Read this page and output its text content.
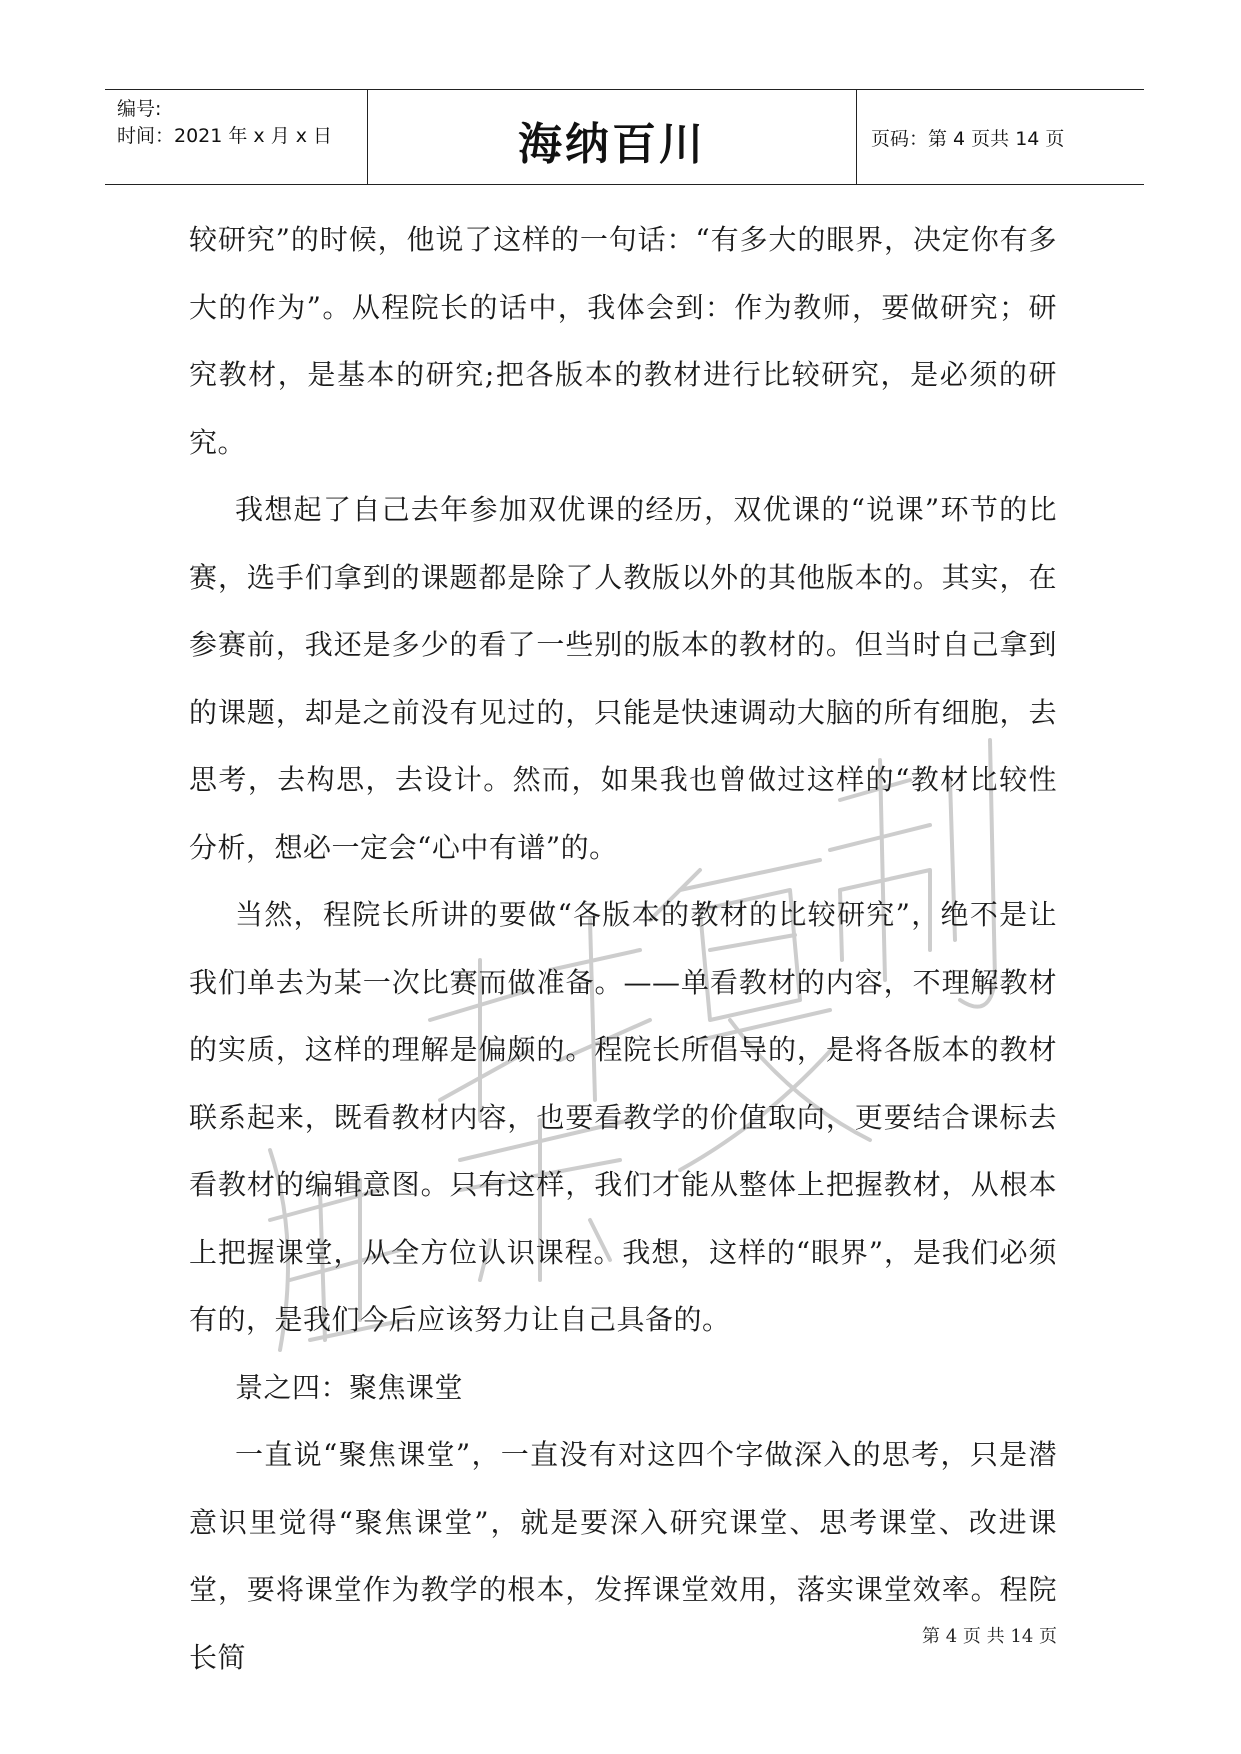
编号:
时间：2021 年 x 月 x 日	海纳百川	页码：第 4 页共 14 页

较研究”的时候，他说了这样的一句话：“有多大的眼界，决定你有多大的作为”。从程院长的话中，我体会到：作为教师，要做研究；研究教材，是基本的研究;把各版本的教材进行比较研究，是必须的研究。

我想起了自己去年参加双优课的经历，双优课的“说课”环节的比赛，选手们拿到的课题都是除了人教版以外的其他版本的。其实，在参赛前，我还是多少的看了一些别的版本的教材的。但当时自己拿到的课题，却是之前没有见过的，只能是快速调动大脑的所有细胞，去思考，去构思，去设计。然而，如果我也曾做过这样的“教材比较性分析，想必一定会“心中有谱”的。

当然，程院长所讲的要做“各版本的教材的比较研究”，绝不是让我们单去为某一次比赛而做准备。——单看教材的内容，不理解教材的实质，这样的理解是偏颇的。程院长所倡导的，是将各版本的教材联系起来，既看教材内容，也要看教学的价值取向，更要结合课标去看教材的编辑意图。只有这样，我们才能从整体上把握教材，从根本上把握课堂，从全方位认识课程。我想，这样的“眼界”，是我们必须有的，是我们今后应该努力让自己具备的。

景之四：聚焦课堂

一直说“聚焦课堂”，一直没有对这四个字做深入的思考，只是潜意识里觉得“聚焦课堂”，就是要深入研究课堂、思考课堂、改进课堂，要将课堂作为教学的根本，发挥课堂效用，落实课堂效率。程院长简

第 4 页 共 14 页
